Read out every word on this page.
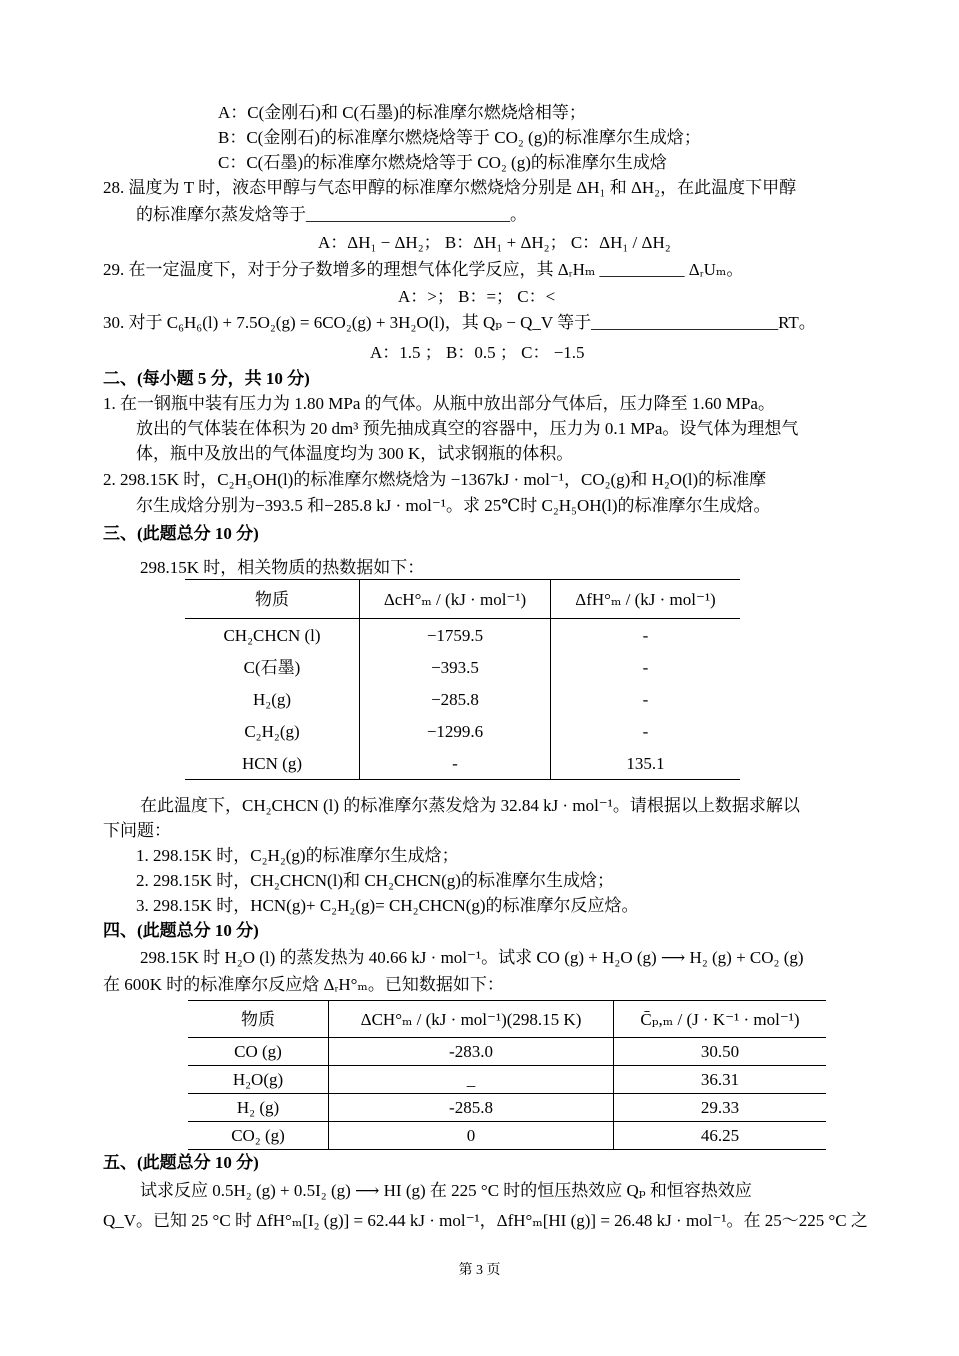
A：C(金刚石)和 C(石墨)的标准摩尔燃烧焓相等；
B：C(金刚石)的标准摩尔燃烧焓等于 CO₂ (g)的标准摩尔生成焓；
C：C(石墨)的标准摩尔燃烧焓等于 CO₂ (g)的标准摩尔生成焓
28. 温度为 T 时，液态甲醇与气态甲醇的标准摩尔燃烧焓分别是 ΔH₁ 和 ΔH₂，在此温度下甲醇
的标准摩尔蒸发焓等于________________________。
A：ΔH₁ − ΔH₂； B：ΔH₁ + ΔH₂； C：ΔH₁ / ΔH₂
29. 在一定温度下，对于分子数增多的理想气体化学反应，其 ΔᵣHₘ __________ ΔᵣUₘ。
A：>； B：=； C：<
30. 对于 C₆H₆(l) + 7.5O₂(g) = 6CO₂(g) + 3H₂O(l)，其 Qₚ − Q_V 等于______________________RT。
A：1.5 ； B：0.5 ； C： −1.5
二、(每小题 5 分，共 10 分)
1. 在一钢瓶中装有压力为 1.80 MPa 的气体。从瓶中放出部分气体后，压力降至 1.60 MPa。
放出的气体装在体积为 20 dm³ 预先抽成真空的容器中，压力为 0.1 MPa。设气体为理想气
体，瓶中及放出的气体温度均为 300 K，试求钢瓶的体积。
2. 298.15K 时，C₂H₅OH(l)的标准摩尔燃烧焓为 −1367kJ · mol⁻¹，CO₂(g)和 H₂O(l)的标准摩
尔生成焓分别为−393.5 和−285.8 kJ · mol⁻¹。求 25℃时 C₂H₅OH(l)的标准摩尔生成焓。
三、(此题总分 10 分)
298.15K 时，相关物质的热数据如下：
物质	ΔcH°ₘ / (kJ · mol⁻¹)	ΔfH°ₘ / (kJ · mol⁻¹)
CH₂CHCN (l)	−1759.5	-
C(石墨)	−393.5	-
H₂(g)	−285.8	-
C₂H₂(g)	−1299.6	-
HCN (g)	-	135.1
在此温度下，CH₂CHCN (l) 的标准摩尔蒸发焓为 32.84 kJ · mol⁻¹。请根据以上数据求解以
下问题：
1. 298.15K 时，C₂H₂(g)的标准摩尔生成焓；
2. 298.15K 时，CH₂CHCN(l)和 CH₂CHCN(g)的标准摩尔生成焓；
3. 298.15K 时，HCN(g)+ C₂H₂(g)= CH₂CHCN(g)的标准摩尔反应焓。
四、(此题总分 10 分)
298.15K 时 H₂O (l) 的蒸发热为 40.66 kJ · mol⁻¹。试求 CO (g) + H₂O (g) ⟶ H₂ (g) + CO₂ (g)
在 600K 时的标准摩尔反应焓 ΔᵣH°ₘ。已知数据如下：
物质	ΔCH°ₘ / (kJ · mol⁻¹)(298.15 K)	C̄ₚ,ₘ / (J · K⁻¹ · mol⁻¹)
CO (g)	-283.0	30.50
H₂O(g)	_	36.31
H₂ (g)	-285.8	29.33
CO₂ (g)	0	46.25
五、(此题总分 10 分)
试求反应 0.5H₂ (g) + 0.5I₂ (g) ⟶ HI (g) 在 225 °C 时的恒压热效应 Qₚ 和恒容热效应
Q_V。已知 25 °C 时 ΔfH°ₘ[I₂ (g)] = 62.44 kJ · mol⁻¹，ΔfH°ₘ[HI (g)] = 26.48 kJ · mol⁻¹。在 25～225 °C 之
第 3 页
